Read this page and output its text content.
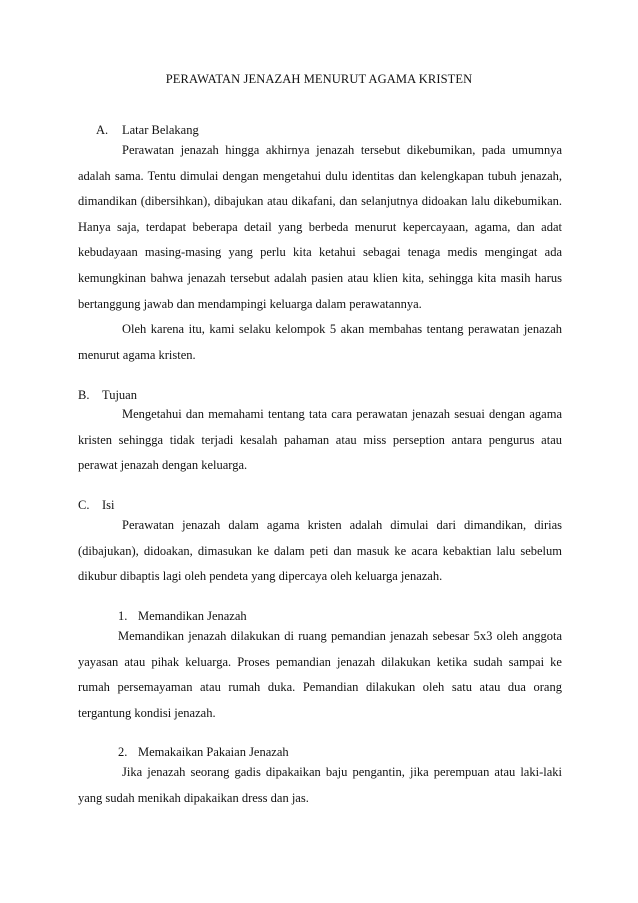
PERAWATAN JENAZAH MENURUT AGAMA KRISTEN
A. Latar Belakang

Perawatan jenazah hingga akhirnya jenazah tersebut dikebumikan, pada umumnya adalah sama. Tentu dimulai dengan mengetahui dulu identitas dan kelengkapan tubuh jenazah, dimandikan (dibersihkan), dibajukan atau dikafani, dan selanjutnya didoakan lalu dikebumikan. Hanya saja, terdapat beberapa detail yang berbeda menurut kepercayaan, agama, dan adat kebudayaan masing-masing yang perlu kita ketahui sebagai tenaga medis mengingat ada kemungkinan bahwa jenazah tersebut adalah pasien atau klien kita, sehingga kita masih harus bertanggung jawab dan mendampingi keluarga dalam perawatannya.

Oleh karena itu, kami selaku kelompok 5 akan membahas tentang perawatan jenazah menurut agama kristen.

B. Tujuan

Mengetahui dan memahami tentang tata cara perawatan jenazah sesuai dengan agama kristen sehingga tidak terjadi kesalah pahaman atau miss perseption antara pengurus atau perawat jenazah dengan keluarga.

C. Isi

Perawatan jenazah dalam agama kristen adalah dimulai dari dimandikan, dirias (dibajukan), didoakan, dimasukan ke dalam peti dan masuk ke acara kebaktian lalu sebelum dikubur dibaptis lagi oleh pendeta yang dipercaya oleh keluarga jenazah.

1. Memandikan Jenazah

Memandikan jenazah dilakukan di ruang pemandian jenazah sebesar 5x3 oleh anggota yayasan atau pihak keluarga. Proses pemandian jenazah dilakukan ketika sudah sampai ke rumah persemayaman atau rumah duka. Pemandian dilakukan oleh satu atau dua orang tergantung kondisi jenazah.

2. Memakaikan Pakaian Jenazah

Jika jenazah seorang gadis dipakaikan baju pengantin, jika perempuan atau laki-laki yang sudah menikah dipakaikan dress dan jas.
